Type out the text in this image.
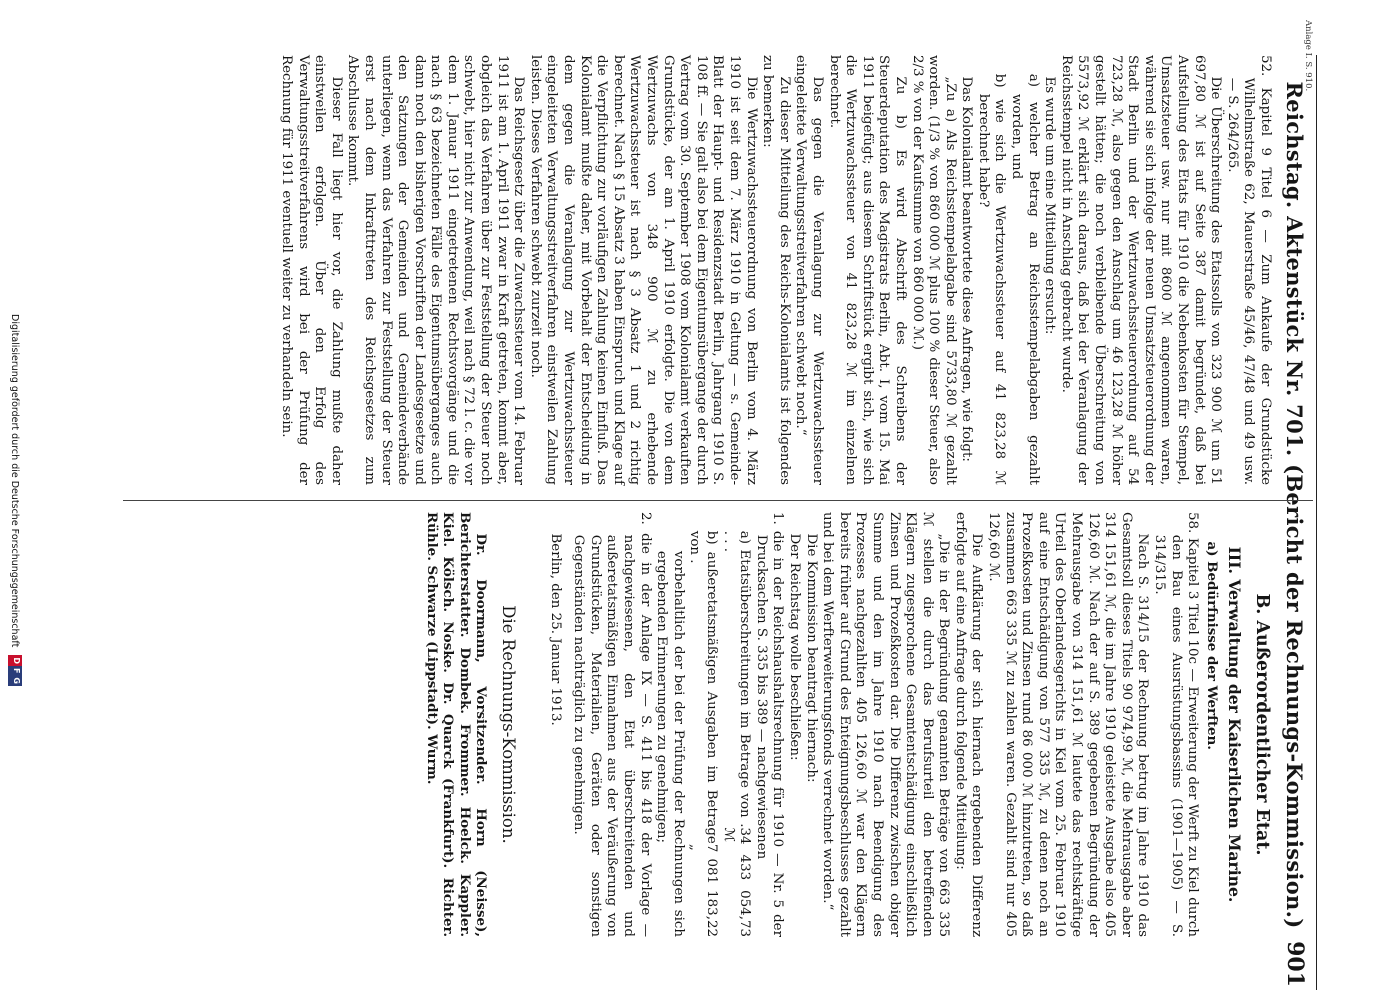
Anlage I. S. 910.
Reichstag. Aktenstück Nr. 701. (Bericht der Rechnungs-Kommission.)
901

52. Kapitel 9 Titel 6 — Zum Ankaufe der Grundstücke Wilhelmstraße 62, Mauerstraße 45/46, 47/48 und 49 usw. — S. 264/265.

Die Überschreitung des Etatssolls von 323 900 ℳ um 51 697,80 ℳ ist auf Seite 387 damit begründet, daß bei Aufstellung des Etats für 1910 die Nebenkosten für Stempel, Umsatzsteuer usw. nur mit 8600 ℳ angenommen waren, während sie sich infolge der neuen Umsatzsteuerordnung der Stadt Berlin und der Wertzuwachssteuerordnung auf 54 723,28 ℳ, also gegen den Anschlag um 46 123,28 ℳ höher gestellt hätten; die noch verbleibende Überschreitung von 5573,92 ℳ erklärt sich daraus, daß bei der Veranlagung der Reichsstempel nicht in Anschlag gebracht wurde.

Es wurde um eine Mitteilung ersucht:

a) welcher Betrag an Reichsstempelabgaben gezahlt worden, und

b) wie sich die Wertzuwachssteuer auf 41 823,28 ℳ berechnet habe?

Das Kolonialamt beantwortete diese Anfragen, wie folgt:

„Zu a) Als Reichsstempelabgabe sind 5733,80 ℳ gezahlt worden. (1/3 % von 860 000 ℳ plus 100 % dieser Steuer, also 2/3 % von der Kaufsumme von 860 000 ℳ.)

Zu b) Es wird Abschrift des Schreibens der Steuerdeputation des Magistrats Berlin, Abt. I, vom 15. Mai 1911 beigefügt; aus diesem Schriftstück ergibt sich, wie sich die Wertzuwachssteuer von 41 823,28 ℳ im einzelnen berechnet.

Das gegen die Veranlagung zur Wertzuwachssteuer eingeleitete Verwaltungsstreitverfahren schwebt noch.“

Zu dieser Mitteilung des Reichs-Kolonialamts ist folgendes zu bemerken:

Die Wertzuwachssteuerordnung von Berlin vom 4. März 1910 ist seit dem 7. März 1910 in Geltung — s. Gemeinde-Blatt der Haupt- und Residenzstadt Berlin, Jahrgang 1910 S. 108 ff. — Sie galt also bei dem Eigentumsübergange der durch Vertrag vom 30. September 1908 vom Kolonialamt verkauften Grundstücke, der am 1. April 1910 erfolgte. Die von dem Wertzuwachs von 348 900 ℳ zu erhebende Wertzuwachssteuer ist nach § 3 Absatz 1 und 2 richtig berechnet. Nach § 15 Absatz 3 haben Einspruch und Klage auf die Verpflichtung zur vorläufigen Zahlung keinen Einfluß. Das Kolonialamt mußte daher, mit Vorbehalt der Entscheidung in dem gegen die Veranlagung zur Wertzuwachssteuer eingeleiteten Verwaltungsstreitverfahren einstweilen Zahlung leisten. Dieses Verfahren schwebt zurzeit noch.

Das Reichsgesetz über die Zuwachssteuer vom 14. Februar 1911 ist am 1. April 1911 zwar in Kraft getreten, kommt aber, obgleich das Verfahren über zur Feststellung der Steuer noch schwebt, hier nicht zur Anwendung, weil nach § 72 l. c. die vor dem 1. Januar 1911 eingetretenen Rechtsvorgänge und die nach § 63 bezeichneten Fälle des Eigentumsüberganges auch dann noch den bisherigen Vorschriften der Landesgesetze und den Satzungen der Gemeinden und Gemeindeverbände unterliegen, wenn das Verfahren zur Feststellung der Steuer erst nach dem Inkrafttreten des Reichsgesetzes zum Abschlusse kommt.

Dieser Fall liegt hier vor, die Zahlung mußte daher einstweilen erfolgen. Über den Erfolg des Verwaltungsstreitverfahrens wird bei der Prüfung der Rechnung für 1911 eventuell weiter zu verhandeln sein.

B. Außerordentlicher Etat.

III. Verwaltung der Kaiserlichen Marine.

a) Bedürfnisse der Werften.

58. Kapitel 3 Titel 10c — Erweiterung der Werft zu Kiel durch den Bau eines Ausrüstungsbassins (1901—1905) — S. 314/315.

Nach S. 314/15 der Rechnung betrug im Jahre 1910 das Gesamtsoll dieses Titels 90 974,99 ℳ, die Mehrausgabe aber 314 151,61 ℳ, die im Jahre 1910 geleistete Ausgabe also 405 126,60 ℳ. Nach der auf S. 389 gegebenen Begründung der Mehrausgabe von 314 151,61 ℳ lautete das rechtskräftige Urteil des Oberlandesgerichts in Kiel vom 25. Februar 1910 auf eine Entschädigung von 577 335 ℳ, zu denen noch an Prozeßkosten und Zinsen rund 86 000 ℳ hinzutreten, so daß zusammen 663 335 ℳ zu zahlen waren. Gezahlt sind nur 405 126,60 ℳ.

Die Aufklärung der sich hiernach ergebenden Differenz erfolgte auf eine Anfrage durch folgende Mitteilung:

„Die in der Begründung genannten Beträge von 663 335 ℳ stellen die durch das Berufsurteil den betreffenden Klägern zugesprochene Gesamtentschädigung einschließlich Zinsen und Prozeßkosten dar. Die Differenz zwischen obiger Summe und den im Jahre 1910 nach Beendigung des Prozesses nachgezahlten 405 126,60 ℳ war den Klägern bereits früher auf Grund des Enteignungsbeschlusses gezahlt und bei dem Werfterweiterungsfonds verrechnet worden.“

Die Kommission beantragt hiernach:

Der Reichstag wolle beschließen:

1. die in der Reichshaushaltsrechnung für 1910 — Nr. 5 der Drucksachen S. 335 bis 389 — nachgewiesenen

a) Etatsüberschreitungen im Betrage von . . . .
34 433 054,73 ℳ
b) außeretatsmäßigen Ausgaben im Betrage von .
7 081 183,22 „

vorbehaltlich der bei der Prüfung der Rechnungen sich ergebenden Erinnerungen zu genehmigen;

2. die in der Anlage IX — S. 411 bis 418 der Vorlage — nachgewiesenen, den Etat überschreitenden und außeretatsmäßigen Einnahmen aus der Veräußerung von Grundstücken, Materialien, Geräten oder sonstigen Gegenständen nachträglich zu genehmigen.

Berlin, den 25. Januar 1913.

Die Rechnungs-Kommission.

Dr. Doormann, Vorsitzender. Horn (Neisse), Berichterstatter. Dombek. Frommer. Hoelck. Kappler. Kiel. Kölsch. Noske. Dr. Quarck (Frankfurt). Richter. Rühle. Schwarze (Lippstadt). Wurm.

Digitalisierung gefördert durch die Deutsche Forschungsgemeinschaft
D
F
G
